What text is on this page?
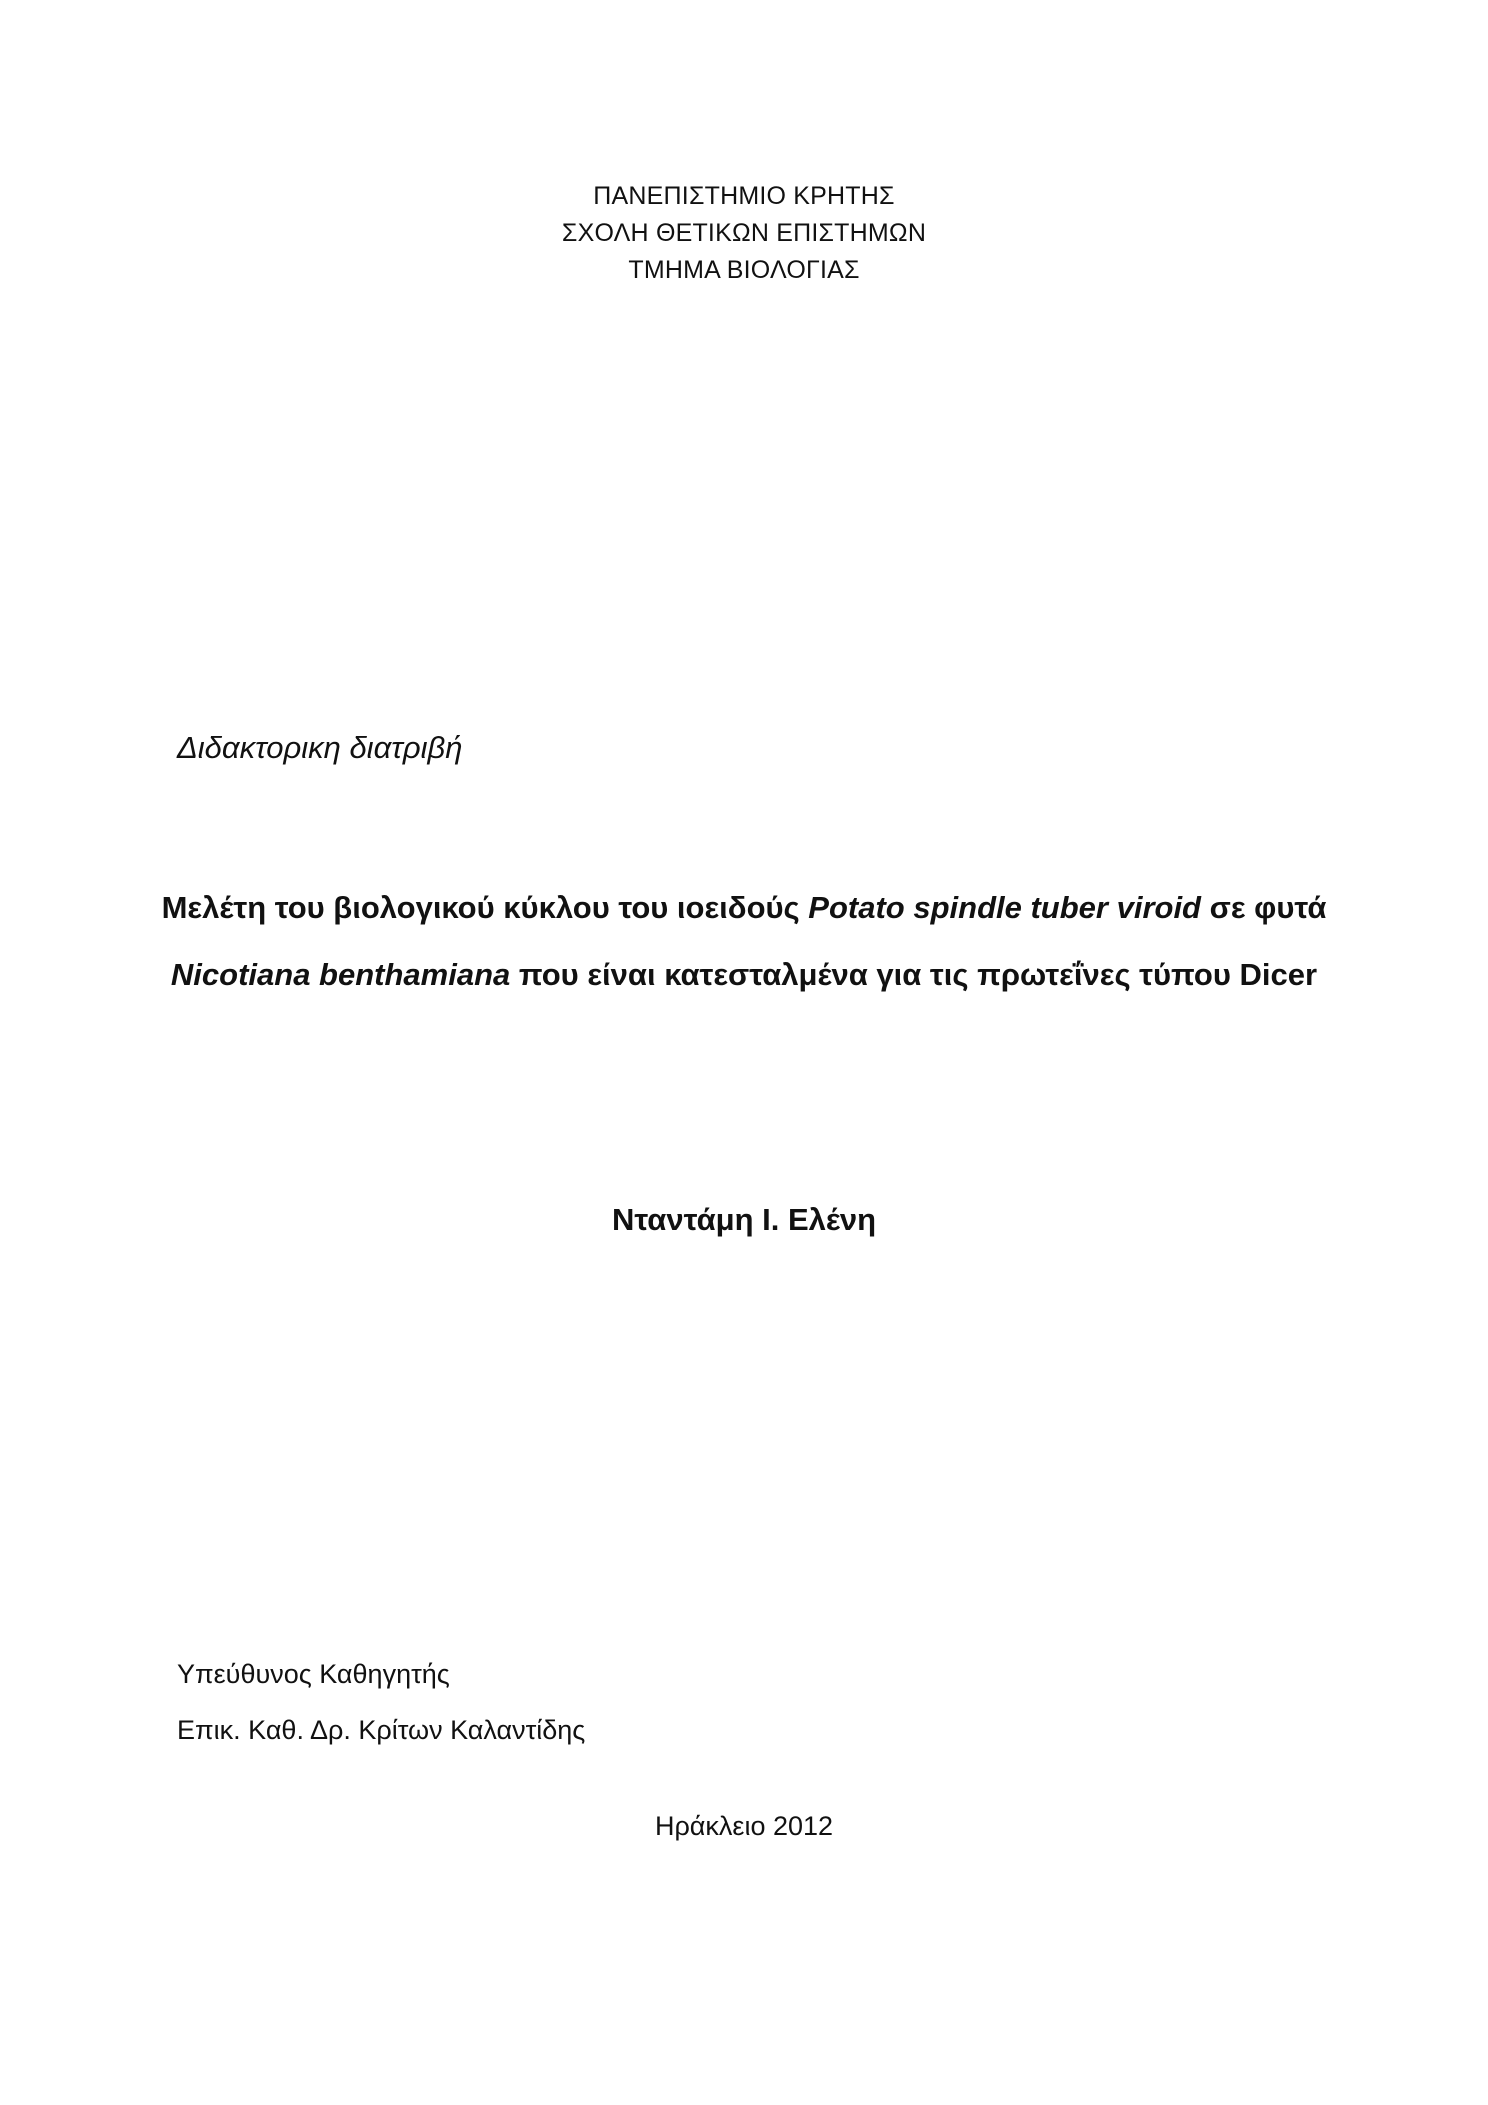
ΠΑΝΕΠΙΣΤΗΜΙΟ ΚΡΗΤΗΣ
ΣΧΟΛΗ ΘΕΤΙΚΩΝ ΕΠΙΣΤΗΜΩΝ
ΤΜΗΜΑ ΒΙΟΛΟΓΙΑΣ
Διδακτορικη διατριβή
Μελέτη του βιολογικού κύκλου του ιοειδούς Potato spindle tuber viroid σε φυτά
Nicotiana benthamiana που είναι κατεσταλμένα για τις πρωτεΐνες τύπου Dicer
Νταντάμη Ι. Ελένη
Υπεύθυνος Καθηγητής
Επικ. Καθ. Δρ. Κρίτων Καλαντίδης
Ηράκλειο 2012
